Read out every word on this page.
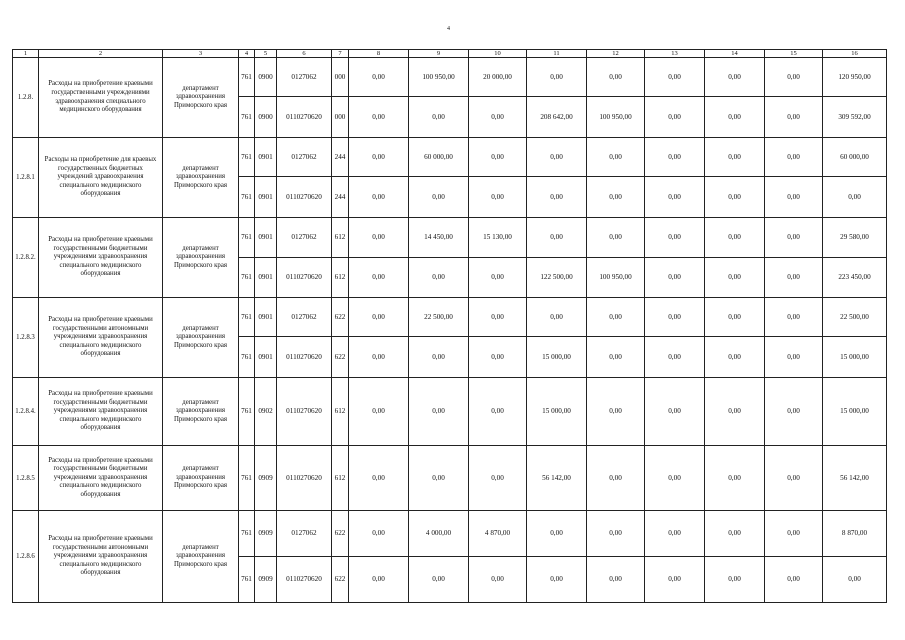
4
1	2	3	4	5	6	7	8	9	10	11	12	13	14	15	16
1.2.8.	Расходы на приобретение краевыми государственными учреждениями здравоохранения специального медицинского оборудования	департамент здравоохранения Приморского края	761	0900	0127062	000	0,00	100 950,00	20 000,00	0,00	0,00	0,00	0,00	0,00	120 950,00
			761	0900	0110270620	000	0,00	0,00	0,00	208 642,00	100 950,00	0,00	0,00	0,00	309 592,00
1.2.8.1	Расходы на приобретение для краевых государственных бюджетных учреждений здравоохранения специального медицинского оборудования	департамент здравоохранения Приморского края	761	0901	0127062	244	0,00	60 000,00	0,00	0,00	0,00	0,00	0,00	0,00	60 000,00
			761	0901	0110270620	244	0,00	0,00	0,00	0,00	0,00	0,00	0,00	0,00	0,00
1.2.8.2.	Расходы на приобретение краевыми государственными бюджетными учреждениями здравоохранения специального медицинского оборудования	департамент здравоохранения Приморского края	761	0901	0127062	612	0,00	14 450,00	15 130,00	0,00	0,00	0,00	0,00	0,00	29 580,00
			761	0901	0110270620	612	0,00	0,00	0,00	122 500,00	100 950,00	0,00	0,00	0,00	223 450,00
1.2.8.3	Расходы на приобретение краевыми государственными автономными учреждениями здравоохранения специального медицинского оборудования	департамент здравоохранения Приморского края	761	0901	0127062	622	0,00	22 500,00	0,00	0,00	0,00	0,00	0,00	0,00	22 500,00
			761	0901	0110270620	622	0,00	0,00	0,00	15 000,00	0,00	0,00	0,00	0,00	15 000,00
1.2.8.4.	Расходы на приобретение краевыми государственными бюджетными учреждениями здравоохранения специального медицинского оборудования	департамент здравоохранения Приморского края	761	0902	0110270620	612	0,00	0,00	0,00	15 000,00	0,00	0,00	0,00	0,00	15 000,00
1.2.8.5	Расходы на приобретение краевыми государственными бюджетными учреждениями здравоохранения специального медицинского оборудования	департамент здравоохранения Приморского края	761	0909	0110270620	612	0,00	0,00	0,00	56 142,00	0,00	0,00	0,00	0,00	56 142,00
1.2.8.6	Расходы на приобретение краевыми государственными автономными учреждениями здравоохранения специального медицинского оборудования	департамент здравоохранения Приморского края	761	0909	0127062	622	0,00	4 000,00	4 870,00	0,00	0,00	0,00	0,00	0,00	8 870,00
			761	0909	0110270620	622	0,00	0,00	0,00	0,00	0,00	0,00	0,00	0,00	0,00
